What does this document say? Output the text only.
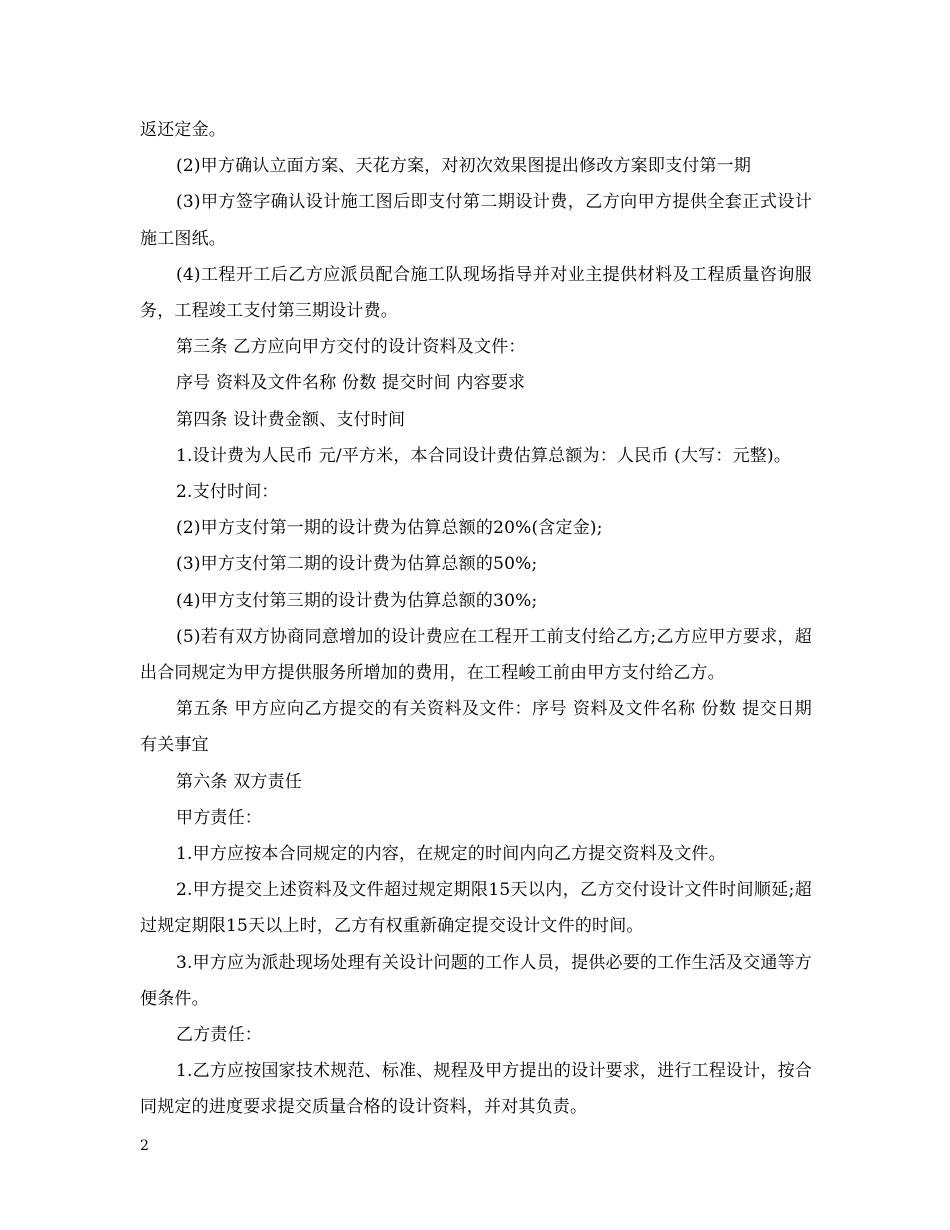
返还定金。

(2)甲方确认立面方案、天花方案，对初次效果图提出修改方案即支付第一期

(3)甲方签字确认设计施工图后即支付第二期设计费，乙方向甲方提供全套正式设计施工图纸。

(4)工程开工后乙方应派员配合施工队现场指导并对业主提供材料及工程质量咨询服务，工程竣工支付第三期设计费。

第三条 乙方应向甲方交付的设计资料及文件：

序号 资料及文件名称 份数 提交时间 内容要求

第四条 设计费金额、支付时间

1.设计费为人民币 元/平方米，本合同设计费估算总额为：人民币 (大写：元整)。

2.支付时间：

(2)甲方支付第一期的设计费为估算总额的20%(含定金);

(3)甲方支付第二期的设计费为估算总额的50%;

(4)甲方支付第三期的设计费为估算总额的30%;

(5)若有双方协商同意增加的设计费应在工程开工前支付给乙方;乙方应甲方要求，超出合同规定为甲方提供服务所增加的费用，在工程峻工前由甲方支付给乙方。

第五条 甲方应向乙方提交的有关资料及文件：序号 资料及文件名称 份数 提交日期 有关事宜

第六条 双方责任

甲方责任：

1.甲方应按本合同规定的内容，在规定的时间内向乙方提交资料及文件。

2.甲方提交上述资料及文件超过规定期限15天以内，乙方交付设计文件时间顺延;超过规定期限15天以上时，乙方有权重新确定提交设计文件的时间。

3.甲方应为派赴现场处理有关设计问题的工作人员，提供必要的工作生活及交通等方便条件。

乙方责任：

1.乙方应按国家技术规范、标准、规程及甲方提出的设计要求，进行工程设计，按合同规定的进度要求提交质量合格的设计资料，并对其负责。

2
